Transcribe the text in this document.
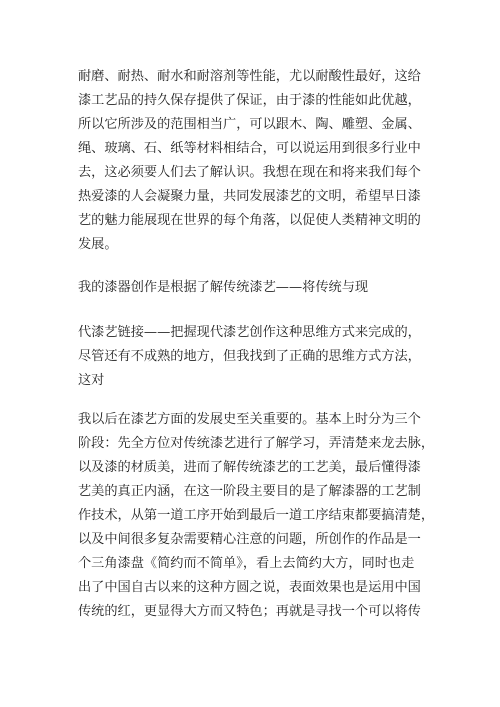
耐磨、耐热、耐水和耐溶剂等性能，尤以耐酸性最好，这给
漆工艺品的持久保存提供了保证，由于漆的性能如此优越，
所以它所涉及的范围相当广，可以跟木、陶、雕塑、金属、
绳、玻璃、石、纸等材料相结合，可以说运用到很多行业中
去，这必须要人们去了解认识。我想在现在和将来我们每个
热爱漆的人会凝聚力量，共同发展漆艺的文明，希望早日漆
艺的魅力能展现在世界的每个角落，以促使人类精神文明的
发展。

我的漆器创作是根据了解传统漆艺——将传统与现

代漆艺链接——把握现代漆艺创作这种思维方式来完成的，
尽管还有不成熟的地方，但我找到了正确的思维方式方法，
这对

我以后在漆艺方面的发展史至关重要的。基本上时分为三个
阶段：先全方位对传统漆艺进行了解学习，弄清楚来龙去脉，
以及漆的材质美，进而了解传统漆艺的工艺美，最后懂得漆
艺美的真正内涵，在这一阶段主要目的是了解漆器的工艺制
作技术，从第一道工序开始到最后一道工序结束都要搞清楚，
以及中间很多复杂需要精心注意的问题，所创作的作品是一
个三角漆盘《简约而不简单》，看上去简约大方，同时也走
出了中国自古以来的这种方圆之说，表面效果也是运用中国
传统的红，更显得大方而又特色；再就是寻找一个可以将传
